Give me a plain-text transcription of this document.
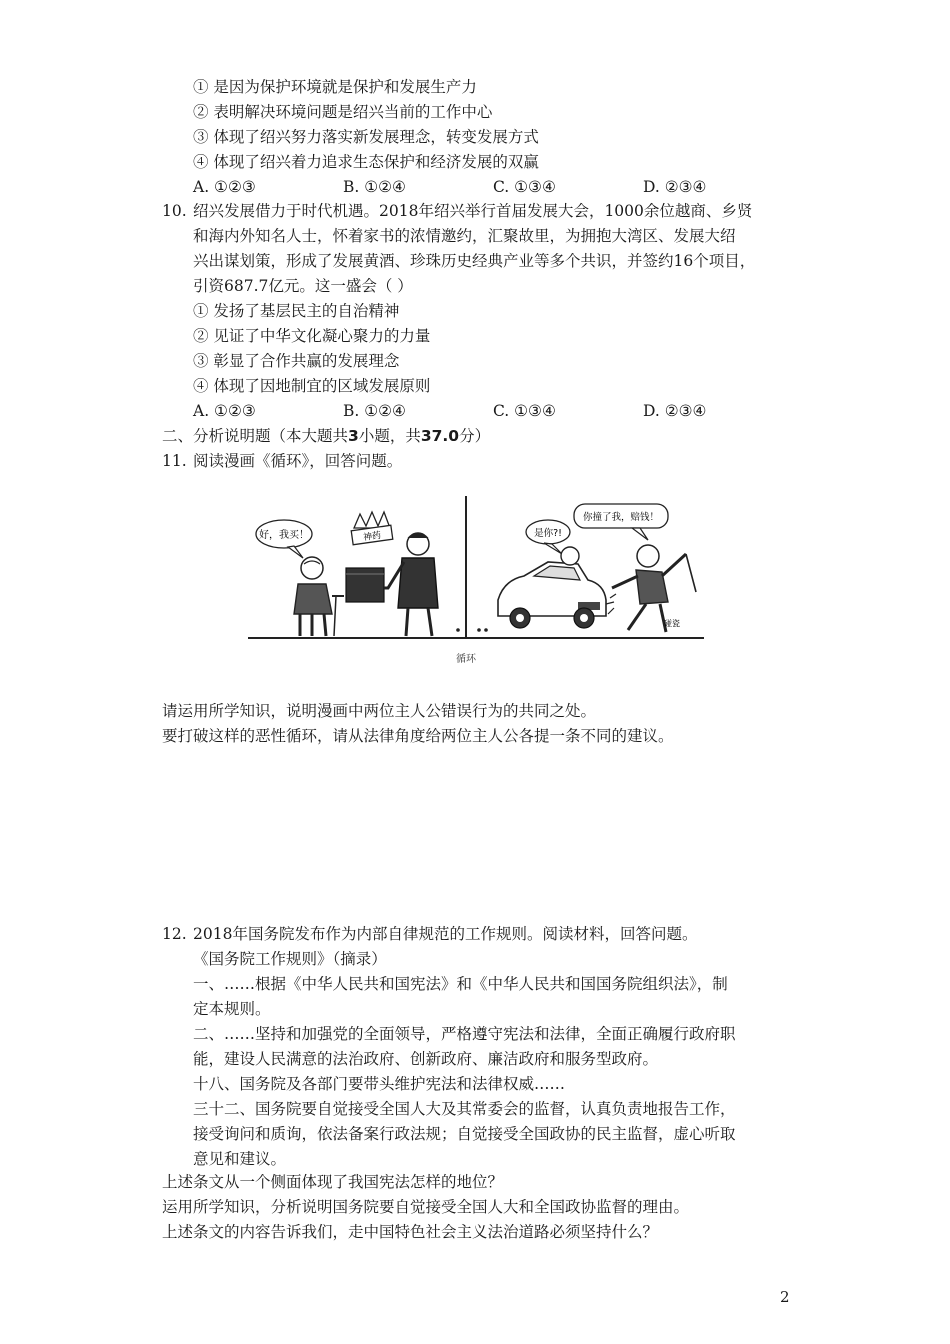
① 是因为保护环境就是保护和发展生产力
② 表明解决环境问题是绍兴当前的工作中心
③ 体现了绍兴努力落实新发展理念，转变发展方式
④ 体现了绍兴着力追求生态保护和经济发展的双赢
A. ①②③	B. ①②④	C. ①③④	D. ②③④
10. 绍兴发展借力于时代机遇。2018年绍兴举行首届发展大会，1000余位越商、乡贤
和海内外知名人士，怀着家书的浓情邀约，汇聚故里，为拥抱大湾区、发展大绍
兴出谋划策，形成了发展黄酒、珍珠历史经典产业等多个共识，并签约16个项目，
引资687.7亿元。这一盛会（ ）
① 发扬了基层民主的自治精神
② 见证了中华文化凝心聚力的力量
③ 彰显了合作共赢的发展理念
④ 体现了因地制宜的区域发展原则
A. ①②③	B. ①②④	C. ①③④	D. ②③④
二、分析说明题（本大题共3小题，共37.0分）
11. 阅读漫画《循环》，回答问题。
好，我买！	神药
诈骗
你撞了我，赔钱！
是你?!
碰瓷
循环
请运用所学知识，说明漫画中两位主人公错误行为的共同之处。
要打破这样的恶性循环，请从法律角度给两位主人公各提一条不同的建议。
12. 2018年国务院发布作为内部自律规范的工作规则。阅读材料，回答问题。
《国务院工作规则》（摘录）
一、……根据《中华人民共和国宪法》和《中华人民共和国国务院组织法》，制
定本规则。
二、……坚持和加强党的全面领导，严格遵守宪法和法律，全面正确履行政府职
能，建设人民满意的法治政府、创新政府、廉洁政府和服务型政府。
十八、国务院及各部门要带头维护宪法和法律权威……
三十二、国务院要自觉接受全国人大及其常委会的监督，认真负责地报告工作，
接受询问和质询，依法备案行政法规；自觉接受全国政协的民主监督，虚心听取
意见和建议。
上述条文从一个侧面体现了我国宪法怎样的地位？
运用所学知识，分析说明国务院要自觉接受全国人大和全国政协监督的理由。
上述条文的内容告诉我们，走中国特色社会主义法治道路必须坚持什么？
2
